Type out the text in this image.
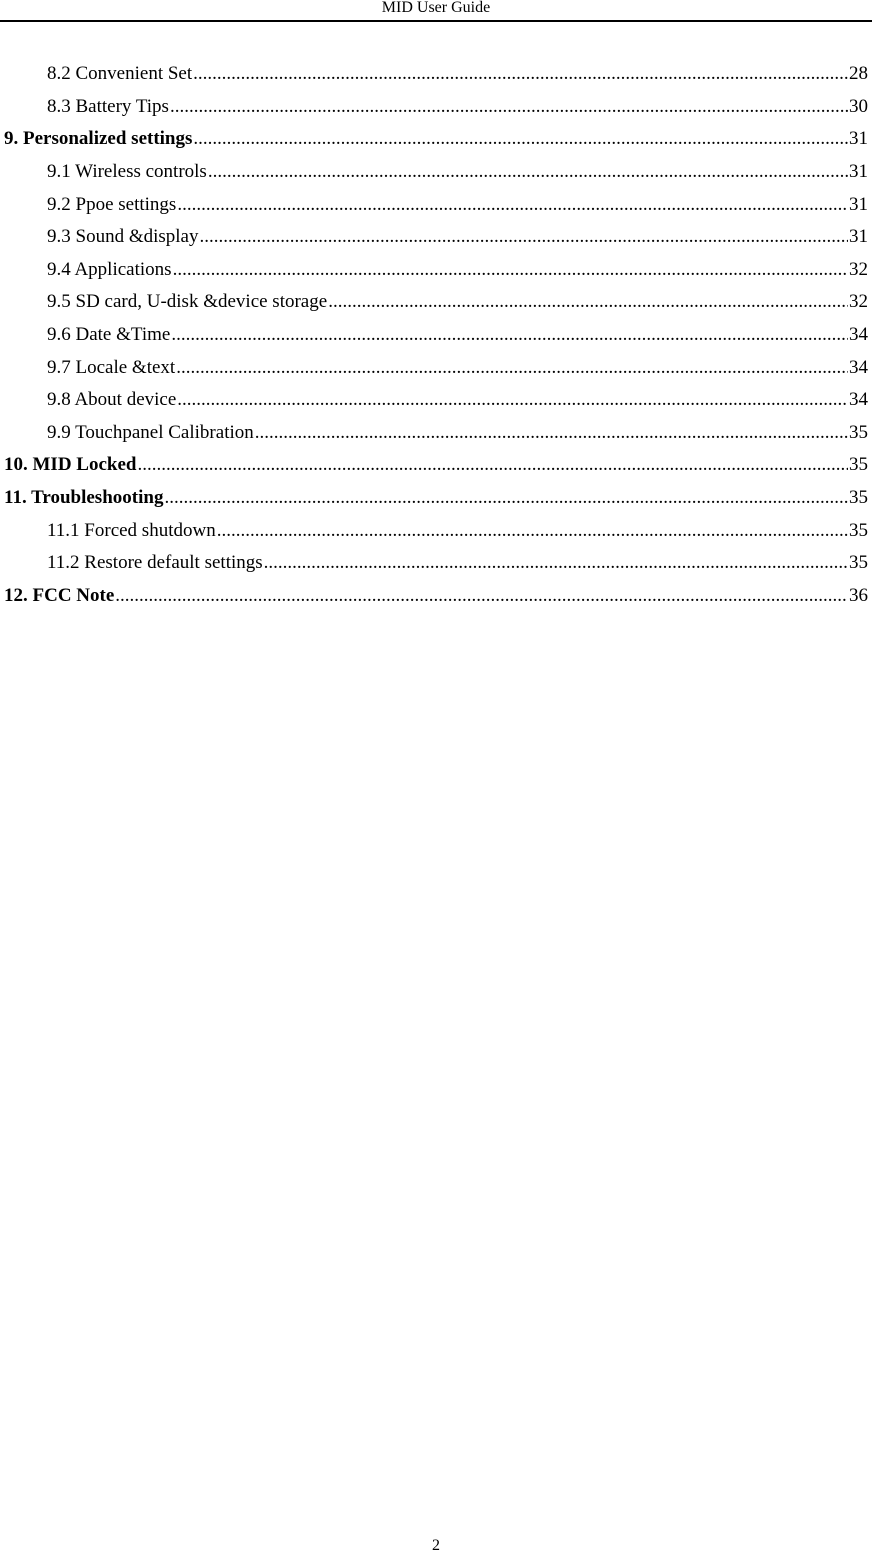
MID User Guide
8.2 Convenient Set .....	28
8.3 Battery Tips .....	30
9. Personalized settings .....	31
9.1 Wireless controls .....	31
9.2 Ppoe settings .....	31
9.3 Sound &display .....	31
9.4 Applications .....	32
9.5 SD card, U-disk &device storage .....	32
9.6 Date &Time .....	34
9.7 Locale &text .....	34
9.8 About device .....	34
9.9 Touchpanel Calibration .....	35
10. MID Locked .....	35
11. Troubleshooting .....	35
11.1 Forced shutdown .....	35
11.2 Restore default settings .....	35
12. FCC Note .....	36
2
